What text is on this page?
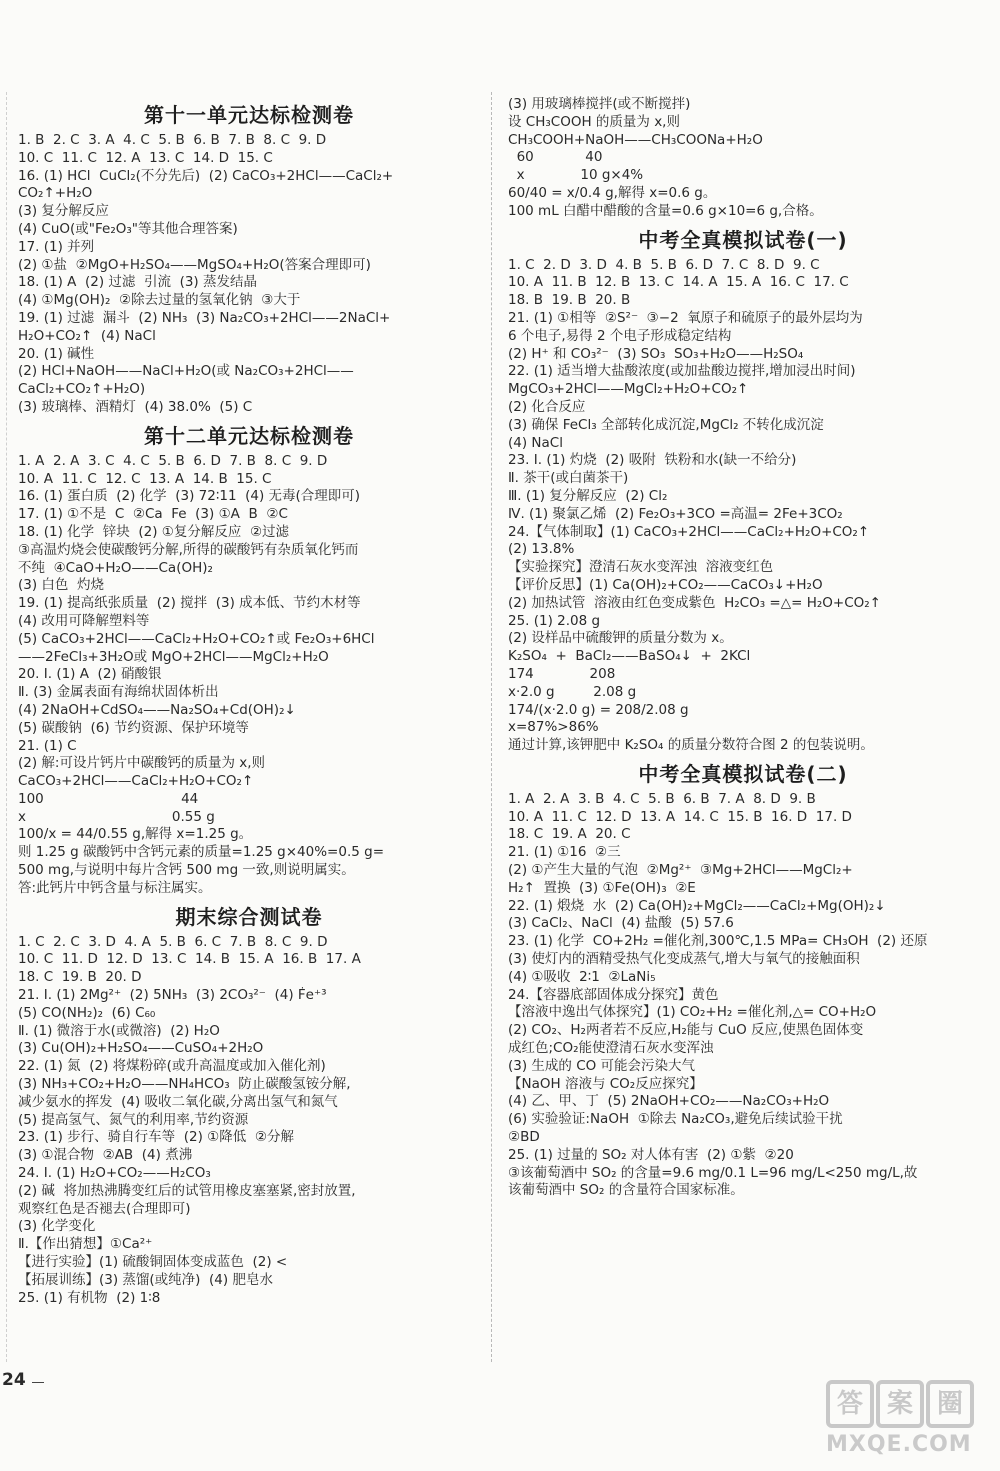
第十一单元达标检测卷
1. B  2. C  3. A  4. C  5. B  6. B  7. B  8. C  9. D
10. C  11. C  12. A  13. C  14. D  15. C
16. (1) HCl  CuCl₂(不分先后)  (2) CaCO₃+2HCl——CaCl₂+
CO₂↑+H₂O
(3) 复分解反应
(4) CuO(或"Fe₂O₃"等其他合理答案)
17. (1) 并列
(2) ①盐  ②MgO+H₂SO₄——MgSO₄+H₂O(答案合理即可)
18. (1) A  (2) 过滤  引流  (3) 蒸发结晶
(4) ①Mg(OH)₂  ②除去过量的氢氧化钠  ③大于
19. (1) 过滤  漏斗  (2) NH₃  (3) Na₂CO₃+2HCl——2NaCl+
H₂O+CO₂↑  (4) NaCl
20. (1) 碱性
(2) HCl+NaOH——NaCl+H₂O(或 Na₂CO₃+2HCl——
CaCl₂+CO₂↑+H₂O)
(3) 玻璃棒、酒精灯  (4) 38.0%  (5) C
第十二单元达标检测卷
1. A  2. A  3. C  4. C  5. B  6. D  7. B  8. C  9. D
10. A  11. C  12. C  13. A  14. B  15. C
16. (1) 蛋白质  (2) 化学  (3) 72∶11  (4) 无毒(合理即可)
17. (1) ①不是  C  ②Ca  Fe  (3) ①A  B  ②C
18. (1) 化学  锌块  (2) ①复分解反应  ②过滤
③高温灼烧会使碳酸钙分解,所得的碳酸钙有杂质氧化钙而
不纯  ④CaO+H₂O——Ca(OH)₂
(3) 白色  灼烧
19. (1) 提高纸张质量  (2) 搅拌  (3) 成本低、节约木材等
(4) 改用可降解塑料等
(5) CaCO₃+2HCl——CaCl₂+H₂O+CO₂↑或 Fe₂O₃+6HCl
——2FeCl₃+3H₂O或 MgO+2HCl——MgCl₂+H₂O
20. Ⅰ. (1) A  (2) 硝酸银
Ⅱ. (3) 金属表面有海绵状固体析出
(4) 2NaOH+CdSO₄——Na₂SO₄+Cd(OH)₂↓
(5) 碳酸钠  (6) 节约资源、保护环境等
21. (1) C
(2) 解:可设片钙片中碳酸钙的质量为 x,则
CaCO₃+2HCl——CaCl₂+H₂O+CO₂↑
100                                44
x                                  0.55 g
100/x = 44/0.55 g,解得 x=1.25 g。
则 1.25 g 碳酸钙中含钙元素的质量=1.25 g×40%=0.5 g=
500 mg,与说明中每片含钙 500 mg 一致,则说明属实。
答:此钙片中钙含量与标注属实。
期末综合测试卷
1. C  2. C  3. D  4. A  5. B  6. C  7. B  8. C  9. D
10. C  11. D  12. D  13. C  14. B  15. A  16. B  17. A
18. C  19. B  20. D
21. Ⅰ. (1) 2Mg²⁺  (2) 5NH₃  (3) 2CO₃²⁻  (4) F̍e⁺³
(5) CO(NH₂)₂  (6) C₆₀
Ⅱ. (1) 微溶于水(或微溶)  (2) H₂O
(3) Cu(OH)₂+H₂SO₄——CuSO₄+2H₂O
22. (1) 氮  (2) 将煤粉碎(或升高温度或加入催化剂)
(3) NH₃+CO₂+H₂O——NH₄HCO₃  防止碳酸氢铵分解,
减少氨水的挥发  (4) 吸收二氧化碳,分离出氢气和氮气
(5) 提高氢气、氮气的利用率,节约资源
23. (1) 步行、骑自行车等  (2) ①降低  ②分解
(3) ①混合物  ②AB  (4) 煮沸
24. Ⅰ. (1) H₂O+CO₂——H₂CO₃
(2) 碱  将加热沸腾变红后的试管用橡皮塞塞紧,密封放置,
观察红色是否褪去(合理即可)
(3) 化学变化
Ⅱ.【作出猜想】①Ca²⁺
【进行实验】(1) 硫酸铜固体变成蓝色  (2) <
【拓展训练】(3) 蒸馏(或纯净)  (4) 肥皂水
25. (1) 有机物  (2) 1∶8
(3) 用玻璃棒搅拌(或不断搅拌)
设 CH₃COOH 的质量为 x,则
CH₃COOH+NaOH——CH₃COONa+H₂O
60            40
x             10 g×4%
60/40 = x/0.4 g,解得 x=0.6 g。
100 mL 白醋中醋酸的含量=0.6 g×10=6 g,合格。
中考全真模拟试卷(一)
1. C  2. D  3. D  4. B  5. B  6. D  7. C  8. D  9. C
10. A  11. B  12. B  13. C  14. A  15. A  16. C  17. C
18. B  19. B  20. B
21. (1) ①相等  ②S²⁻  ③−2  氧原子和硫原子的最外层均为
6 个电子,易得 2 个电子形成稳定结构
(2) H⁺ 和 CO₃²⁻  (3) SO₃  SO₃+H₂O——H₂SO₄
22. (1) 适当增大盐酸浓度(或加盐酸边搅拌,增加浸出时间)
MgCO₃+2HCl——MgCl₂+H₂O+CO₂↑
(2) 化合反应
(3) 确保 FeCl₃ 全部转化成沉淀,MgCl₂ 不转化成沉淀
(4) NaCl
23. Ⅰ. (1) 灼烧  (2) 吸附  铁粉和水(缺一不给分)
Ⅱ. 茶干(或白菌茶干)
Ⅲ. (1) 复分解反应  (2) Cl₂
Ⅳ. (1) 聚氯乙烯  (2) Fe₂O₃+3CO =高温= 2Fe+3CO₂
24.【气体制取】(1) CaCO₃+2HCl——CaCl₂+H₂O+CO₂↑
(2) 13.8%
【实验探究】澄清石灰水变浑浊  溶液变红色
【评价反思】(1) Ca(OH)₂+CO₂——CaCO₃↓+H₂O
(2) 加热试管  溶液由红色变成紫色  H₂CO₃ =△= H₂O+CO₂↑
25. (1) 2.08 g
(2) 设样品中硫酸钾的质量分数为 x。
K₂SO₄  +  BaCl₂——BaSO₄↓  +  2KCl
174             208
x·2.0 g         2.08 g
174/(x·2.0 g) = 208/2.08 g
x=87%>86%
通过计算,该钾肥中 K₂SO₄ 的质量分数符合图 2 的包装说明。
中考全真模拟试卷(二)
1. A  2. A  3. B  4. C  5. B  6. B  7. A  8. D  9. B
10. A  11. C  12. D  13. A  14. C  15. B  16. D  17. D
18. C  19. A  20. C
21. (1) ①16  ②三
(2) ①产生大量的气泡  ②Mg²⁺  ③Mg+2HCl——MgCl₂+
H₂↑  置换  (3) ①Fe(OH)₃  ②E
22. (1) 煅烧  水  (2) Ca(OH)₂+MgCl₂——CaCl₂+Mg(OH)₂↓
(3) CaCl₂、NaCl  (4) 盐酸  (5) 57.6
23. (1) 化学  CO+2H₂ =催化剂,300℃,1.5 MPa= CH₃OH  (2) 还原
(3) 使灯内的酒精受热气化变成蒸气,增大与氧气的接触面积
(4) ①吸收  2∶1  ②LaNi₅
24.【容器底部固体成分探究】黄色
【溶液中逸出气体探究】(1) CO₂+H₂ =催化剂,△= CO+H₂O
(2) CO₂、H₂两者若不反应,H₂能与 CuO 反应,使黑色固体变
成红色;CO₂能使澄清石灰水变浑浊
(3) 生成的 CO 可能会污染大气
【NaOH 溶液与 CO₂反应探究】
(4) 乙、甲、丁  (5) 2NaOH+CO₂——Na₂CO₃+H₂O
(6) 实验验证:NaOH  ①除去 Na₂CO₃,避免后续试验干扰
②BD
25. (1) 过量的 SO₂ 对人体有害  (2) ①紫  ②20
③该葡萄酒中 SO₂ 的含量=9.6 mg/0.1 L=96 mg/L<250 mg/L,故
该葡萄酒中 SO₂ 的含量符合国家标准。
24
答 案 圈
MXQE.COM
